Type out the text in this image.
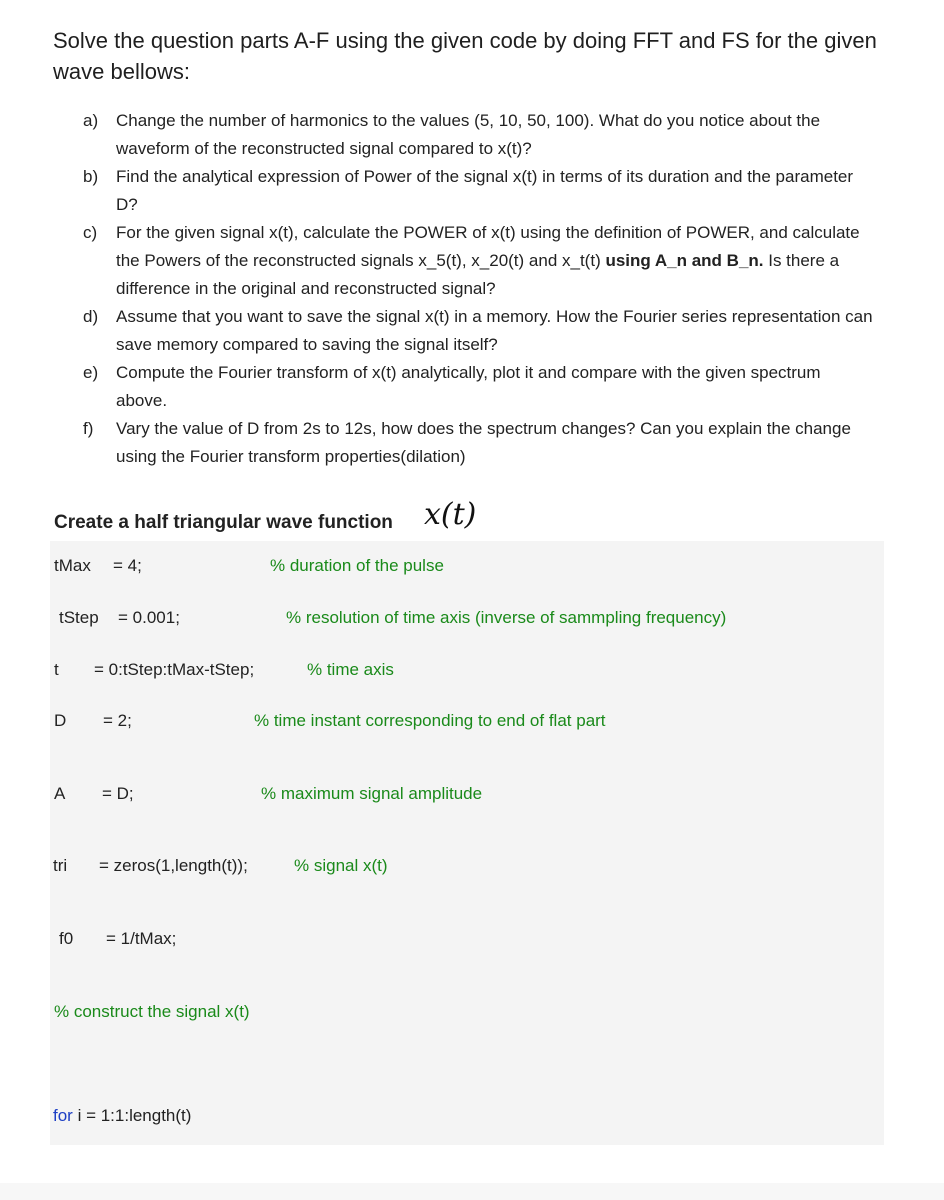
Solve the question parts A-F using the given code by doing FFT and FS for the given wave bellows:
a) Change the number of harmonics to the values (5, 10, 50, 100). What do you notice about the waveform of the reconstructed signal compared to x(t)?
b) Find the analytical expression of Power of the signal x(t) in terms of its duration and the parameter D?
c) For the given signal x(t), calculate the POWER of x(t) using the definition of POWER, and calculate the Powers of the reconstructed signals x_5(t), x_20(t) and x_t(t) using A_n and B_n. Is there a difference in the original and reconstructed signal?
d) Assume that you want to save the signal x(t) in a memory. How the Fourier series representation can save memory compared to saving the signal itself?
e) Compute the Fourier transform of x(t) analytically, plot it and compare with the given spectrum above.
f) Vary the value of D from 2s to 12s, how does the spectrum changes? Can you explain the change using the Fourier transform properties(dilation)
Create a half triangular wave function x(t)
tMax = 4;	% duration of the pulse
tStep = 0.001;	% resolution of time axis (inverse of sammpling frequency)
t = 0:tStep:tMax-tStep;	% time axis
D = 2;	% time instant corresponding to end of flat part
A = D;	% maximum signal amplitude
tri = zeros(1,length(t));	% signal x(t)
f0 = 1/tMax;
% construct the signal x(t)
for i = 1:1:length(t)
